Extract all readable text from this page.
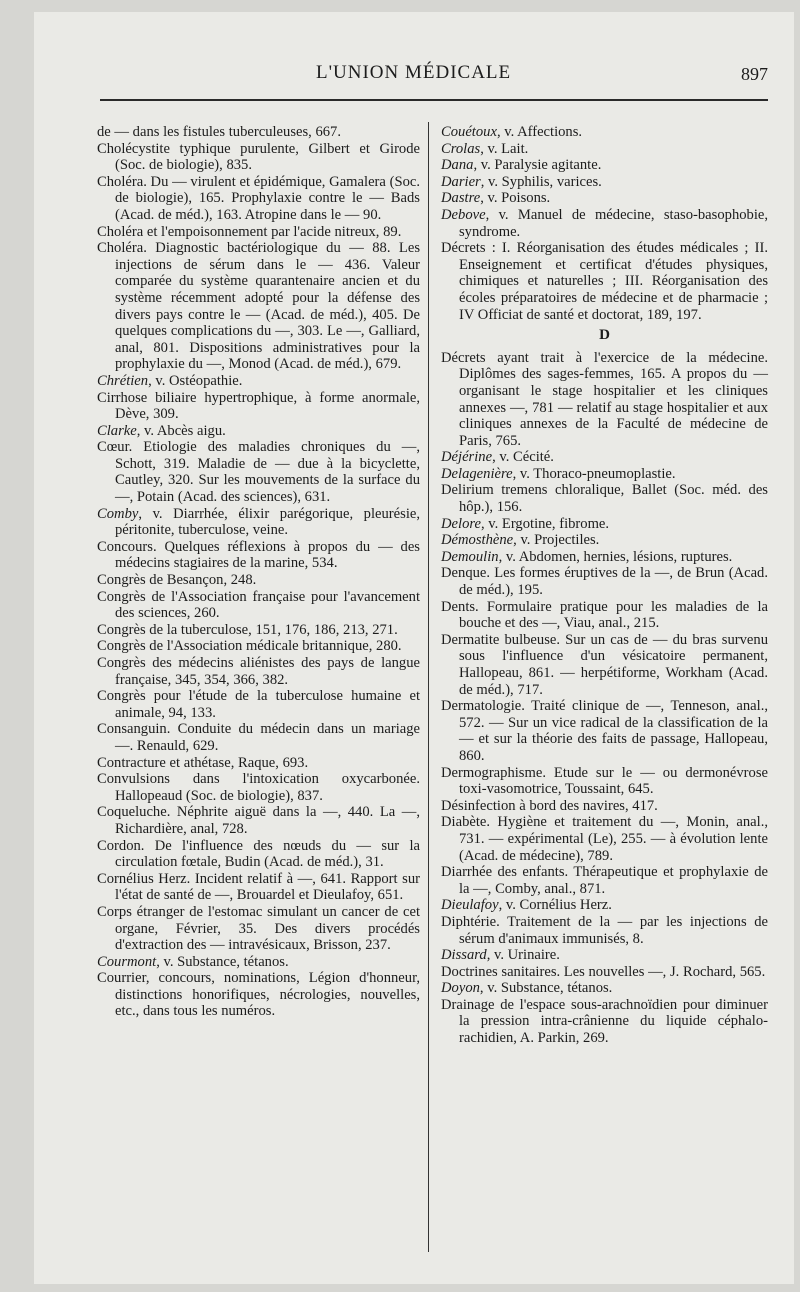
L'UNION MÉDICALE	897

de — dans les fistules tuberculeuses, 667.

Cholécystite typhique purulente, Gilbert et Girode (Soc. de biologie), 835.

Choléra. Du — virulent et épidémique, Gamalera (Soc. de biologie), 165. Prophylaxie contre le — Bads (Acad. de méd.), 163. Atropine dans le — 90.

Choléra et l'empoisonnement par l'acide nitreux, 89.

Choléra. Diagnostic bactériologique du — 88. Les injections de sérum dans le — 436. Valeur comparée du système quarantenaire ancien et du système récemment adopté pour la défense des divers pays contre le — (Acad. de méd.), 405. De quelques complications du —, 303. Le —, Galliard, anal, 801. Dispositions administratives pour la prophylaxie du —, Monod (Acad. de méd.), 679.

Chrétien, v. Ostéopathie.

Cirrhose biliaire hypertrophique, à forme anormale, Dève, 309.

Clarke, v. Abcès aigu.

Cœur. Etiologie des maladies chroniques du —, Schott, 319. Maladie de — due à la bicyclette, Cautley, 320. Sur les mouvements de la surface du —, Potain (Acad. des sciences), 631.

Comby, v. Diarrhée, élixir parégorique, pleurésie, péritonite, tuberculose, veine.

Concours. Quelques réflexions à propos du — des médecins stagiaires de la marine, 534.

Congrès de Besançon, 248.

Congrès de l'Association française pour l'avancement des sciences, 260.

Congrès de la tuberculose, 151, 176, 186, 213, 271.

Congrès de l'Association médicale britannique, 280.

Congrès des médecins aliénistes des pays de langue française, 345, 354, 366, 382.

Congrès pour l'étude de la tuberculose humaine et animale, 94, 133.

Consanguin. Conduite du médecin dans un mariage —. Renauld, 629.

Contracture et athétase, Raque, 693.

Convulsions dans l'intoxication oxycarbonée. Hallopeaud (Soc. de biologie), 837.

Coqueluche. Néphrite aiguë dans la —, 440. La —, Richardière, anal, 728.

Cordon. De l'influence des nœuds du — sur la circulation fœtale, Budin (Acad. de méd.), 31.

Cornélius Herz. Incident relatif à —, 641. Rapport sur l'état de santé de —, Brouardel et Dieulafoy, 651.

Corps étranger de l'estomac simulant un cancer de cet organe, Février, 35. Des divers procédés d'extraction des — intravésicaux, Brisson, 237.

Courmont, v. Substance, tétanos.

Courrier, concours, nominations, Légion d'honneur, distinctions honorifiques, nécrologies, nouvelles, etc., dans tous les numéros.

Couétoux, v. Affections.

Crolas, v. Lait.

Dana, v. Paralysie agitante.

Darier, v. Syphilis, varices.

Dastre, v. Poisons.

Debove, v. Manuel de médecine, staso-basophobie, syndrome.

Décrets : I. Réorganisation des études médicales ; II. Enseignement et certificat d'études physiques, chimiques et naturelles ; III. Réorganisation des écoles préparatoires de médecine et de pharmacie ; IV Officiat de santé et doctorat, 189, 197.

D

Décrets ayant trait à l'exercice de la médecine. Diplômes des sages-femmes, 165. A propos du — organisant le stage hospitalier et les cliniques annexes —, 781 — relatif au stage hospitalier et aux cliniques annexes de la Faculté de médecine de Paris, 765.

Déjérine, v. Cécité.

Delagenière, v. Thoraco-pneumoplastie.

Delirium tremens chloralique, Ballet (Soc. méd. des hôp.), 156.

Delore, v. Ergotine, fibrome.

Démosthène, v. Projectiles.

Demoulin, v. Abdomen, hernies, lésions, ruptures.

Denque. Les formes éruptives de la —, de Brun (Acad. de méd.), 195.

Dents. Formulaire pratique pour les maladies de la bouche et des —, Viau, anal., 215.

Dermatite bulbeuse. Sur un cas de — du bras survenu sous l'influence d'un vésicatoire permanent, Hallopeau, 861. — herpétiforme, Workham (Acad. de méd.), 717.

Dermatologie. Traité clinique de —, Tenneson, anal., 572. — Sur un vice radical de la classification de la — et sur la théorie des faits de passage, Hallopeau, 860.

Dermographisme. Etude sur le — ou dermonévrose toxi-vasomotrice, Toussaint, 645.

Désinfection à bord des navires, 417.

Diabète. Hygiène et traitement du —, Monin, anal., 731. — expérimental (Le), 255. — à évolution lente (Acad. de médecine), 789.

Diarrhée des enfants. Thérapeutique et prophylaxie de la —, Comby, anal., 871.

Dieulafoy, v. Cornélius Herz.

Diphtérie. Traitement de la — par les injections de sérum d'animaux immunisés, 8.

Dissard, v. Urinaire.

Doctrines sanitaires. Les nouvelles —, J. Rochard, 565.

Doyon, v. Substance, tétanos.

Drainage de l'espace sous-arachnoïdien pour diminuer la pression intra-crânienne du liquide céphalo-rachidien, A. Parkin, 269.
